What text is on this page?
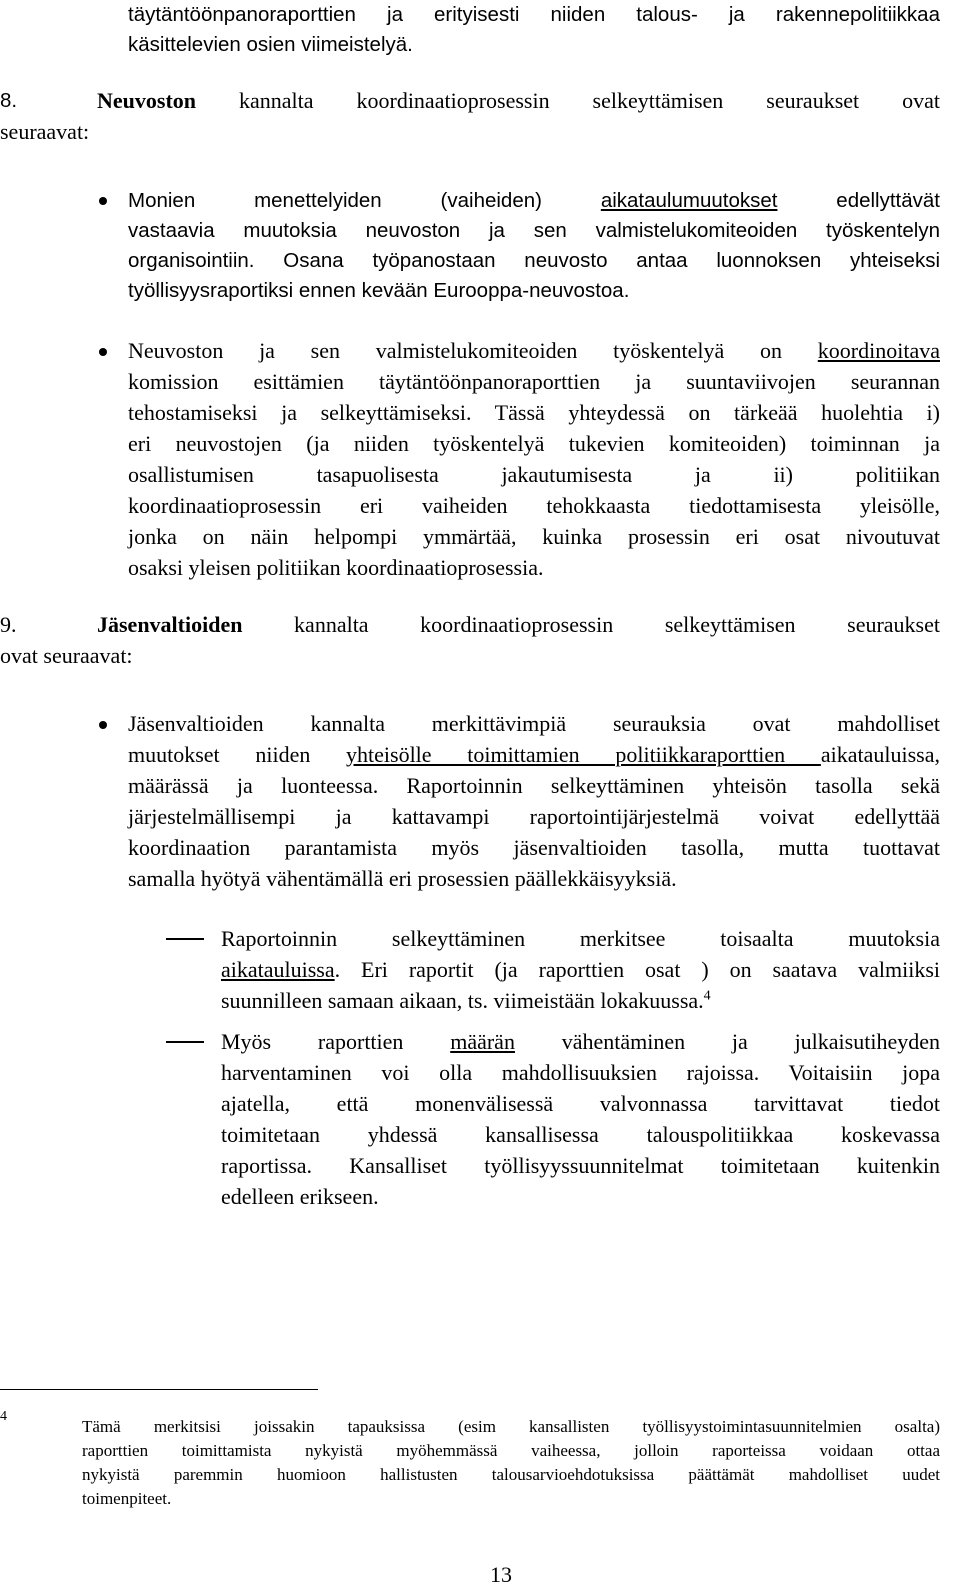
täytäntöönpanoraporttien ja erityisesti niiden talous- ja rakennepolitiikkaa
käsittelevien osien viimeistelyä.
8.	Neuvoston kannalta koordinaatioprosessin selkeyttämisen seuraukset ovat
seuraavat:
Monien menettelyiden (vaiheiden) aikataulumuutokset edellyttävät
vastaavia muutoksia neuvoston ja sen valmistelukomiteoiden työskentelyn
organisointiin. Osana työpanostaan neuvosto antaa luonnoksen yhteiseksi
työllisyysraportiksi ennen kevään Eurooppa-neuvostoa.
Neuvoston ja sen valmistelukomiteoiden työskentelyä on koordinoitava
komission esittämien täytäntöönpanoraporttien ja suuntaviivojen seurannan
tehostamiseksi ja selkeyttämiseksi. Tässä yhteydessä on tärkeää huolehtia i)
eri neuvostojen (ja niiden työskentelyä tukevien komiteoiden) toiminnan ja
osallistumisen tasapuolisesta jakautumisesta ja ii) politiikan
koordinaatioprosessin eri vaiheiden tehokkaasta tiedottamisesta yleisölle,
jonka on näin helpompi ymmärtää, kuinka prosessin eri osat nivoutuvat
osaksi yleisen politiikan koordinaatioprosessia.
9.	Jäsenvaltioiden kannalta koordinaatioprosessin selkeyttämisen seuraukset
ovat seuraavat:
Jäsenvaltioiden kannalta merkittävimpiä seurauksia ovat mahdolliset
muutokset niiden yhteisölle toimittamien politiikkaraporttien aikatauluissa,
määrässä ja luonteessa. Raportoinnin selkeyttäminen yhteisön tasolla sekä
järjestelmällisempi ja kattavampi raportointijärjestelmä voivat edellyttää
koordinaation parantamista myös jäsenvaltioiden tasolla, mutta tuottavat
samalla hyötyä vähentämällä eri prosessien päällekkäisyyksiä.
Raportoinnin selkeyttäminen merkitsee toisaalta muutoksia
aikatauluissa. Eri raportit (ja raporttien osat ) on saatava valmiiksi
suunnilleen samaan aikaan, ts. viimeistään lokakuussa.$^4$
Myös raporttien määrän vähentäminen ja julkaisutiheyden
harventaminen voi olla mahdollisuuksien rajoissa. Voitaisiin jopa
ajatella, että monenvälisessä valvonnassa tarvittavat tiedot
toimitetaan yhdessä kansallisessa talouspolitiikkaa koskevassa
raportissa. Kansalliset työllisyyssuunnitelmat toimitetaan kuitenkin
edelleen erikseen.
4
Tämä merkitsisi joissakin tapauksissa (esim kansallisten työllisyystoimintasuunnitelmien osalta)
raporttien toimittamista nykyistä myöhemmässä vaiheessa, jolloin raporteissa voidaan ottaa
nykyistä paremmin huomioon hallistusten talousarvioehdotuksissa päättämät mahdolliset uudet
toimenpiteet.
13
